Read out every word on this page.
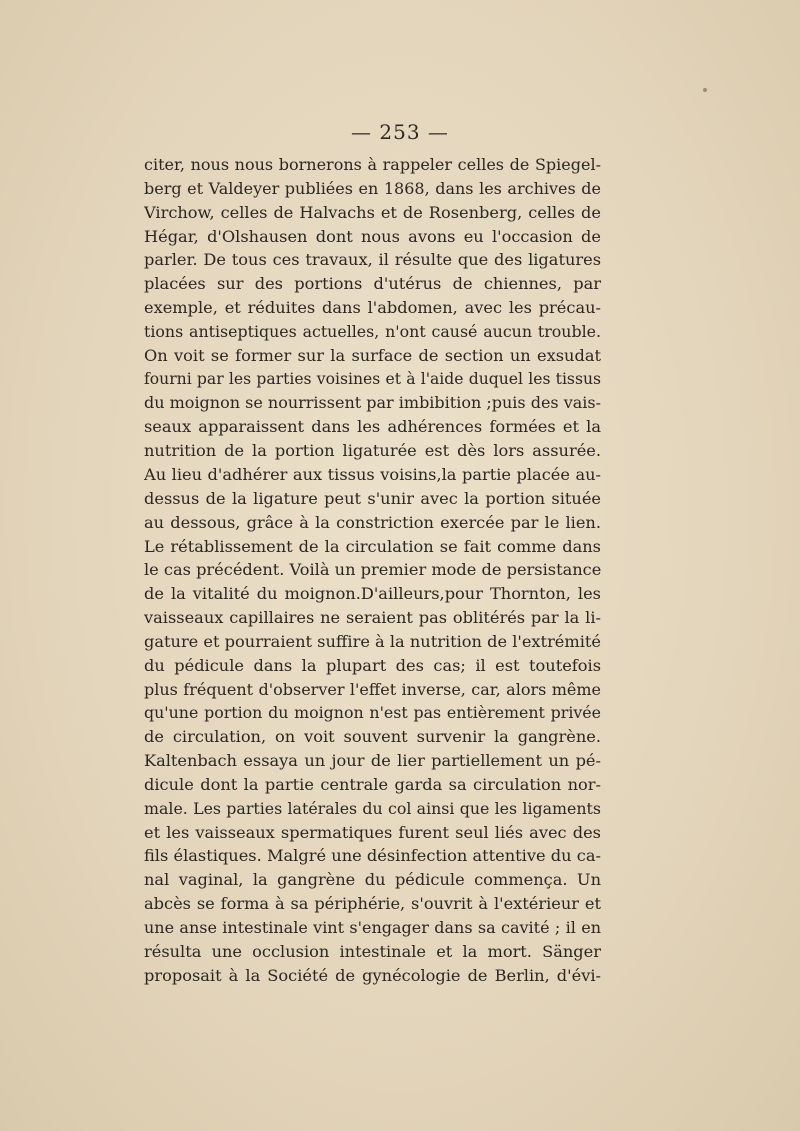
— 253 —
citer, nous nous bornerons à rappeler celles de Spiegel-
berg et Valdeyer publiées en 1868, dans les archives de
Virchow, celles de Halvachs et de Rosenberg, celles de
Hégar, d'Olshausen dont nous avons eu l'occasion de
parler. De tous ces travaux, il résulte que des ligatures
placées sur des portions d'utérus de chiennes, par
exemple, et réduites dans l'abdomen, avec les précau-
tions antiseptiques actuelles, n'ont causé aucun trouble.
On voit se former sur la surface de section un exsudat
fourni par les parties voisines et à l'aide duquel les tissus
du moignon se nourrissent par imbibition ;puis des vais-
seaux apparaissent dans les adhérences formées et la
nutrition de la portion ligaturée est dès lors assurée.
Au lieu d'adhérer aux tissus voisins,la partie placée au-
dessus de la ligature peut s'unir avec la portion située
au dessous, grâce à la constriction exercée par le lien.
Le rétablissement de la circulation se fait comme dans
le cas précédent. Voilà un premier mode de persistance
de la vitalité du moignon.D'ailleurs,pour Thornton, les
vaisseaux capillaires ne seraient pas oblitérés par la li-
gature et pourraient suffire à la nutrition de l'extrémité
du pédicule dans la plupart des cas; il est toutefois
plus fréquent d'observer l'effet inverse, car, alors même
qu'une portion du moignon n'est pas entièrement privée
de circulation, on voit souvent survenir la gangrène.
Kaltenbach essaya un jour de lier partiellement un pé-
dicule dont la partie centrale garda sa circulation nor-
male. Les parties latérales du col ainsi que les ligaments
et les vaisseaux spermatiques furent seul liés avec des
fils élastiques. Malgré une désinfection attentive du ca-
nal vaginal, la gangrène du pédicule commença. Un
abcès se forma à sa périphérie, s'ouvrit à l'extérieur et
une anse intestinale vint s'engager dans sa cavité ; il en
résulta une occlusion intestinale et la mort. Sänger
proposait à la Société de gynécologie de Berlin, d'évi-
